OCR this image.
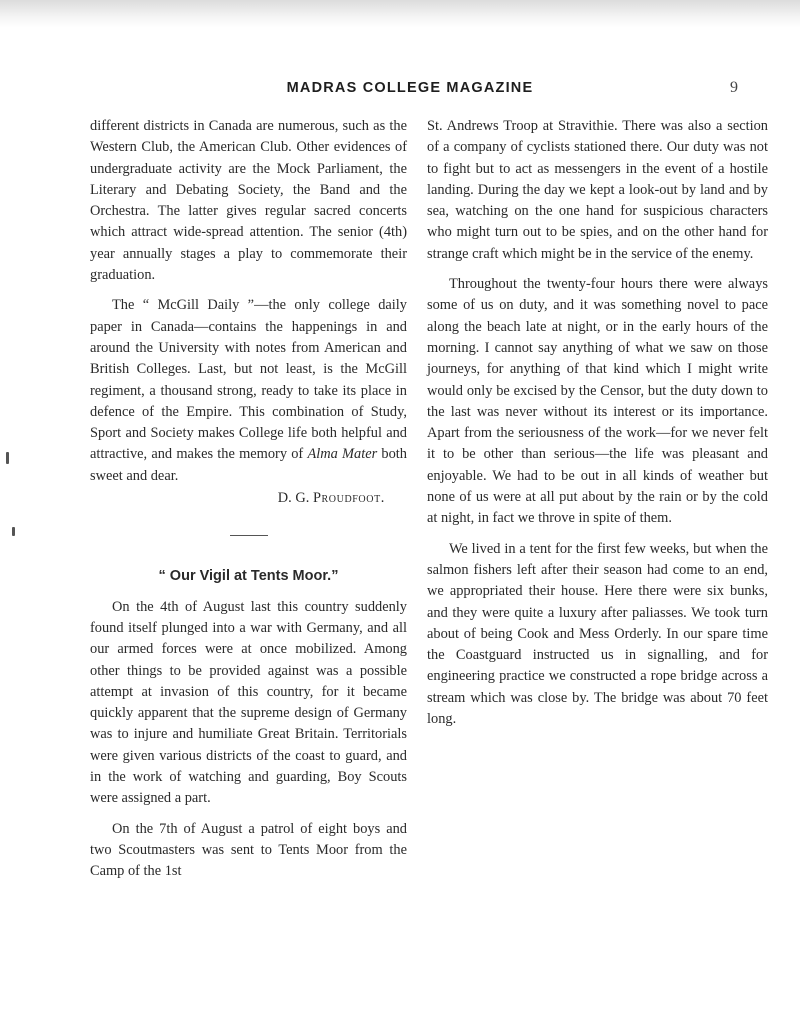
MADRAS COLLEGE MAGAZINE	9

different districts in Canada are numerous, such as the Western Club, the American Club. Other evidences of undergraduate activity are the Mock Parliament, the Literary and Debating Society, the Band and the Orchestra. The latter gives regular sacred concerts which attract wide-spread attention. The senior (4th) year annually stages a play to commemorate their graduation.

The “ McGill Daily ”—the only college daily paper in Canada—contains the happenings in and around the University with notes from American and British Colleges. Last, but not least, is the McGill regiment, a thousand strong, ready to take its place in defence of the Empire. This combination of Study, Sport and Society makes College life both helpful and attractive, and makes the memory of Alma Mater both sweet and dear.

D. G. Proudfoot.
“ Our Vigil at Tents Moor.”

On the 4th of August last this country suddenly found itself plunged into a war with Germany, and all our armed forces were at once mobilized. Among other things to be provided against was a possible attempt at invasion of this country, for it became quickly apparent that the supreme design of Germany was to injure and humiliate Great Britain. Territorials were given various districts of the coast to guard, and in the work of watching and guarding, Boy Scouts were assigned a part.

On the 7th of August a patrol of eight boys and two Scoutmasters was sent to Tents Moor from the Camp of the 1st

St. Andrews Troop at Stravithie. There was also a section of a company of cyclists stationed there. Our duty was not to fight but to act as messengers in the event of a hostile landing. During the day we kept a look-out by land and by sea, watching on the one hand for suspicious characters who might turn out to be spies, and on the other hand for strange craft which might be in the service of the enemy.

Throughout the twenty-four hours there were always some of us on duty, and it was something novel to pace along the beach late at night, or in the early hours of the morning. I cannot say anything of what we saw on those journeys, for anything of that kind which I might write would only be excised by the Censor, but the duty down to the last was never without its interest or its importance. Apart from the seriousness of the work—for we never felt it to be other than serious—the life was pleasant and enjoyable. We had to be out in all kinds of weather but none of us were at all put about by the rain or by the cold at night, in fact we throve in spite of them.

We lived in a tent for the first few weeks, but when the salmon fishers left after their season had come to an end, we appropriated their house. Here there were six bunks, and they were quite a luxury after paliasses. We took turn about of being Cook and Mess Orderly. In our spare time the Coastguard instructed us in signalling, and for engineering practice we constructed a rope bridge across a stream which was close by. The bridge was about 70 feet long.
